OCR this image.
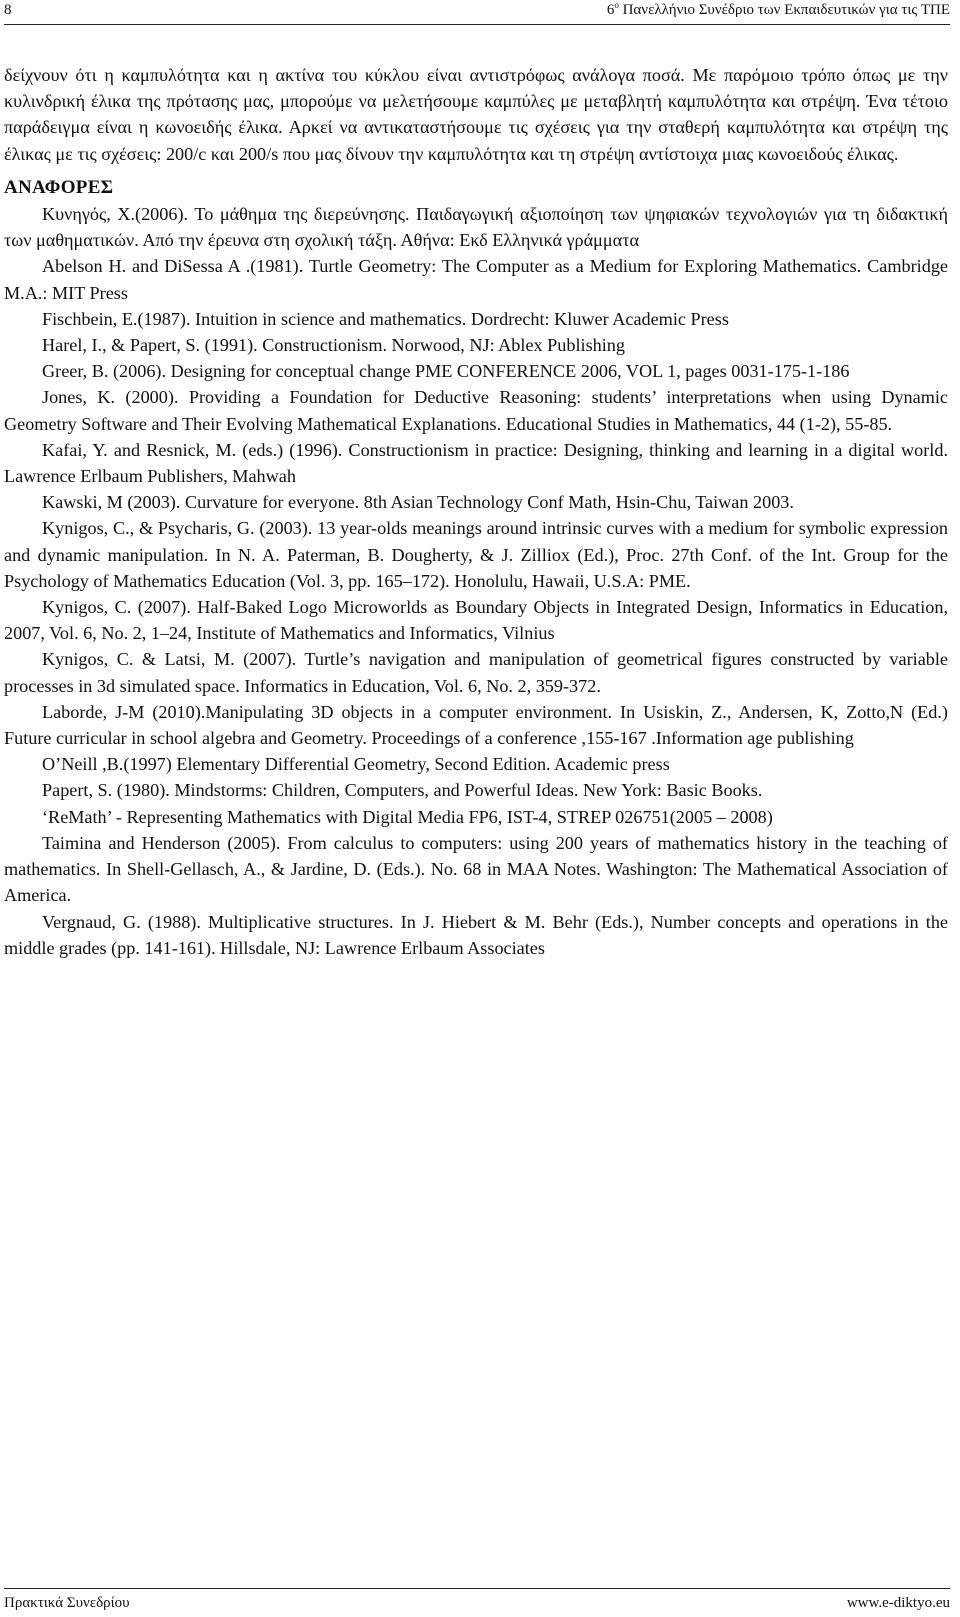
8	$6^o$ Πανελλήνιο Συνέδριο των Εκπαιδευτικών για τις ΤΠΕ

δείχνουν ότι η καμπυλότητα και η ακτίνα του κύκλου είναι αντιστρόφως ανάλογα ποσά. Με παρόμοιο τρόπο όπως με την κυλινδρική έλικα της πρότασης μας, μπορούμε να μελετήσουμε καμπύλες με μεταβλητή καμπυλότητα και στρέψη. Ένα τέτοιο παράδειγμα είναι η κωνοειδής έλικα. Αρκεί να αντικαταστήσουμε τις σχέσεις για την σταθερή καμπυλότητα και στρέψη της έλικας με τις σχέσεις: 200/c και 200/s που μας δίνουν την καμπυλότητα και τη στρέψη αντίστοιχα μιας κωνοειδούς έλικας.

ΑΝΑΦΟΡΕΣ
Κυνηγός, Χ.(2006). Το μάθημα της διερεύνησης. Παιδαγωγική αξιοποίηση των ψηφιακών τεχνολογιών για τη διδακτική των μαθηματικών. Από την έρευνα στη σχολική τάξη. Αθήνα: Εκδ Ελληνικά γράμματα
Abelson H. and DiSessa A .(1981). Turtle Geometry: The Computer as a Medium for Exploring Mathematics. Cambridge M.A.: MIT Press
Fischbein, E.(1987). Intuition in science and mathematics. Dordrecht: Kluwer Academic Press
Harel, I., & Papert, S. (1991). Constructionism. Norwood, NJ: Ablex Publishing
Greer, B. (2006). Designing for conceptual change PME CONFERENCE 2006, VOL 1, pages 0031-175-1-186
Jones, K. (2000). Providing a Foundation for Deductive Reasoning: students’ interpretations when using Dynamic Geometry Software and Their Evolving Mathematical Explanations. Educational Studies in Mathematics, 44 (1-2), 55-85.
Kafai, Y. and Resnick, M. (eds.) (1996). Constructionism in practice: Designing, thinking and learning in a digital world. Lawrence Erlbaum Publishers, Mahwah
Kawski, M (2003). Curvature for everyone. 8th Asian Technology Conf Math, Hsin-Chu, Taiwan 2003.
Kynigos, C., & Psycharis, G. (2003). 13 year-olds meanings around intrinsic curves with a medium for symbolic expression and dynamic manipulation. In N. A. Paterman, B. Dougherty, & J. Zilliox (Ed.), Proc. 27th Conf. of the Int. Group for the Psychology of Mathematics Education (Vol. 3, pp. 165–172). Honolulu, Hawaii, U.S.A: PME.
Kynigos, C. (2007). Half-Baked Logo Microworlds as Boundary Objects in Integrated Design, Informatics in Education, 2007, Vol. 6, No. 2, 1–24, Institute of Mathematics and Informatics, Vilnius
Kynigos, C. & Latsi, M. (2007). Turtle’s navigation and manipulation of geometrical figures constructed by variable processes in 3d simulated space. Informatics in Education, Vol. 6, No. 2, 359-372.
Laborde, J-M (2010).Manipulating 3D objects in a computer environment. In Usiskin, Z., Andersen, K, Zotto,N (Ed.) Future curricular in school algebra and Geometry. Proceedings of a conference ,155-167 .Information age publishing
O’Neill ,B.(1997) Elementary Differential Geometry, Second Edition. Academic press
Papert, S. (1980). Mindstorms: Children, Computers, and Powerful Ideas. New York: Basic Books.
‘ReMath’ - Representing Mathematics with Digital Media FP6, IST-4, STREP 026751(2005 – 2008)
Taimina and Henderson (2005). From calculus to computers: using 200 years of mathematics history in the teaching of mathematics. In Shell-Gellasch, A., & Jardine, D. (Eds.). No. 68 in MAA Notes. Washington: The Mathematical Association of America.
Vergnaud, G. (1988). Multiplicative structures. In J. Hiebert & M. Behr (Eds.), Number concepts and operations in the middle grades (pp. 141-161). Hillsdale, NJ: Lawrence Erlbaum Associates
Πρακτικά Συνεδρίου	www.e-diktyo.eu
